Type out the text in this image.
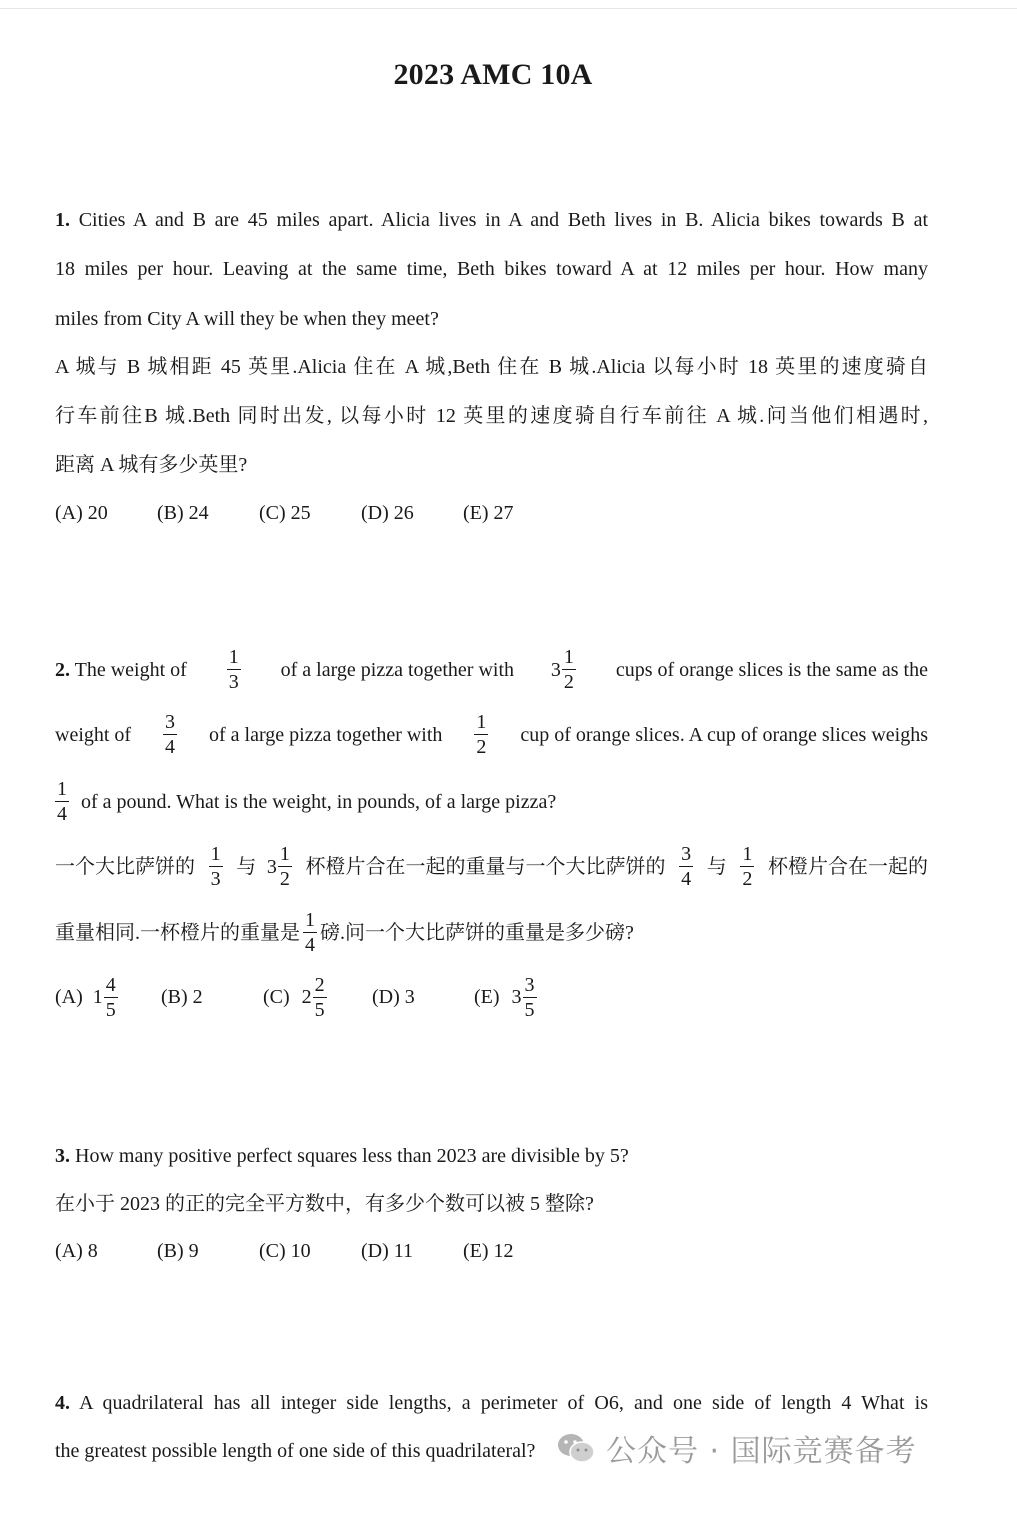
2023 AMC 10A
1. Cities A and B are 45 miles apart. Alicia lives in A and Beth lives in B. Alicia bikes towards B at
18 miles per hour. Leaving at the same time, Beth bikes toward A at 12 miles per hour. How many
miles from City A will they be when they meet?
A 城与 B 城相距 45 英里.Alicia 住在 A 城,Beth 住在 B 城.Alicia 以每小时 18 英里的速度骑自
行车前往B 城.Beth 同时出发, 以每小时 12 英里的速度骑自行车前往 A 城.问当他们相遇时,
距离 A 城有多少英里?
(A) 20	(B) 24	(C) 25	(D) 26	(E) 27
2. The weight of $\frac{1}{3}$ of a large pizza together with $3 \frac{1}{2}$ cups of orange slices is the same as the
weight of $\frac{3}{4}$ of a large pizza together with $\frac{1}{2}$ cup of orange slices. A cup of orange slices weighs
$\frac{1}{4}$ of a pound. What is the weight, in pounds, of a large pizza?
一个大比萨饼的 $\frac{1}{3}$ 与 $3 \frac{1}{2}$ 杯橙片合在一起的重量与一个大比萨饼的 $\frac{3}{4}$ 与 $\frac{1}{2}$ 杯橙片合在一起的
重量相同.一杯橙片的重量是 $\frac{1}{4}$ 磅.问一个大比萨饼的重量是多少磅?
(A) $1 \frac{4}{5} (B)$ 2	(C) $2 \frac{2}{5} (D)$ 3	(E) $3 \frac{3}{5}$
3. How many positive perfect squares less than 2023 are divisible by 5?
在小于 2023 的正的完全平方数中，有多少个数可以被 5 整除?
(A) 8	(B) 9	(C) 10	(D) 11	(E) 12
4. A quadrilateral has all integer side lengths, a perimeter of O6, and one side of length 4 What is
the greatest possible length of one side of this quadrilateral? 公众号 · 国际竞赛备考
